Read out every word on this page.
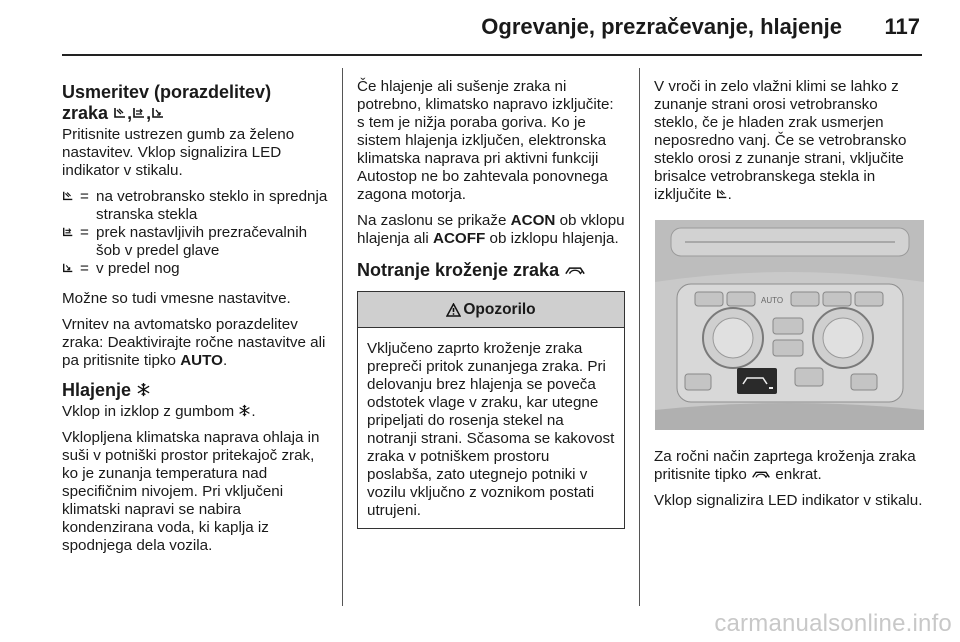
Ogrevanje, prezračevanje, hlajenje 117
Usmeritev (porazdelitev)
zraka , ,

Pritisnite ustrezen gumb za želeno nastavitev. Vklop signalizira LED indikator v stikalu.

= na vetrobransko steklo in sprednja stranska stekla
= prek nastavljivih prezračevalnih šob v predel glave
= v predel nog

Možne so tudi vmesne nastavitve.

Vrnitev na avtomatsko porazdelitev zraka: Deaktivirajte ročne nastavitve ali pa pritisnite tipko AUTO.

Hlajenje

Vklop in izklop z gumbom .

Vklopljena klimatska naprava ohlaja in suši v potniški prostor pritekajoč zrak, ko je zunanja temperatura nad specifičnim nivojem. Pri vključeni klimatski napravi se nabira kondenzirana voda, ki kaplja iz spodnjega dela vozila.

Če hlajenje ali sušenje zraka ni potrebno, klimatsko napravo izključite: s tem je nižja poraba goriva. Ko je sistem hlajenja izključen, elektronska klimatska naprava pri aktivni funkciji Autostop ne bo zahtevala ponovnega zagona motorja.

Na zaslonu se prikaže ACON ob vklopu hlajenja ali ACOFF ob izklopu hlajenja.

Notranje kroženje zraka
Opozorilo
Vključeno zaprto kroženje zraka prepreči pritok zunanjega zraka. Pri delovanju brez hlajenja se poveča odstotek vlage v zraku, kar utegne pripeljati do rosenja stekel na notranji strani. Sčasoma se kakovost zraka v potniškem prostoru poslabša, zato utegnejo potniki v vozilu vključno z voznikom postati utrujeni.

V vroči in zelo vlažni klimi se lahko z zunanje strani orosi vetrobransko steklo, če je hladen zrak usmerjen neposredno vanj. Če se vetrobransko steklo orosi z zunanje strani, vključite brisalce vetrobranskega stekla in izključite .

AUTO

Za ročni način zaprtega kroženja zraka pritisnite tipko  enkrat.

Vklop signalizira LED indikator v stikalu.

carmanualsonline.info
